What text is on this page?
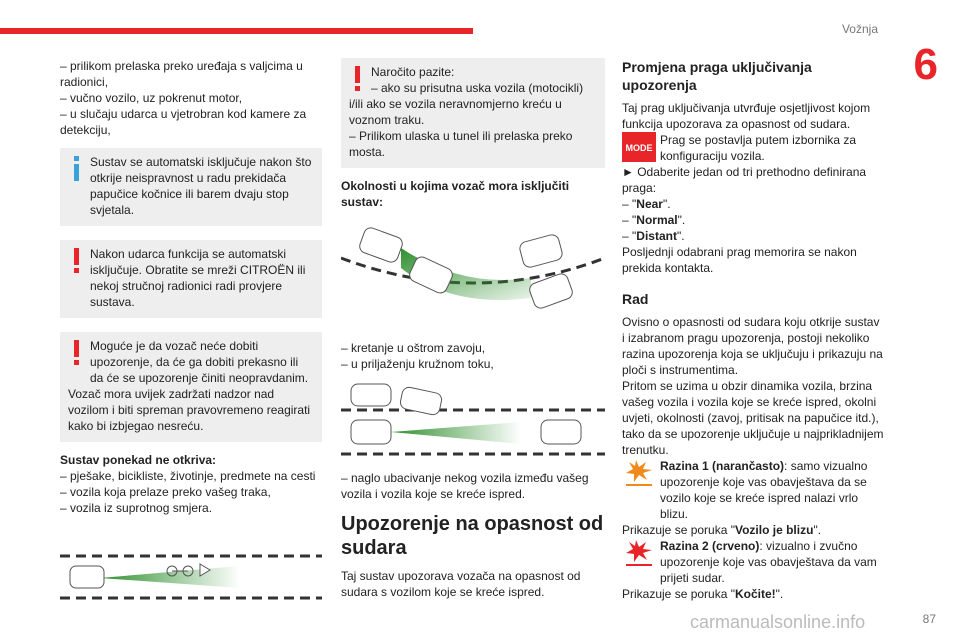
Vožnja
6

– prilikom prelaska preko uređaja s valjcima u radionici,

– vučno vozilo, uz pokrenut motor,

– u slučaju udarca u vjetrobran kod kamere za detekciju,

Sustav se automatski isključuje nakon što otkrije neispravnost u radu prekidača papučice kočnice ili barem dvaju stop svjetala.

Nakon udarca funkcija se automatski isključuje. Obratite se mreži CITROËN ili nekoj stručnoj radionici radi provjere sustava.

Moguće je da vozač neće dobiti upozorenje, da će ga dobiti prekasno ili da će se upozorenje činiti neopravdanim.

Vozač mora uvijek zadržati nadzor nad vozilom i biti spreman pravovremeno reagirati kako bi izbjegao nesreću.

Sustav ponekad ne otkriva:

– pješake, bicikliste, životinje, predmete na cesti

– vozila koja prelaze preko vašeg traka,

– vozila iz suprotnog smjera.

Naročito pazite:

– ako su prisutna uska vozila (motocikli) i/ili ako se vozila neravnomjerno kreću u voznom traku.

– Prilikom ulaska u tunel ili prelaska preko mosta.

Okolnosti u kojima vozač mora isključiti sustav:

– kretanje u oštrom zavoju,

– u priljaženju kružnom toku,

– naglo ubacivanje nekog vozila između vašeg vozila i vozila koje se kreće ispred.

Upozorenje na opasnost od sudara

Taj sustav upozorava vozača na opasnost od sudara s vozilom koje se kreće ispred.

Promjena praga uključivanja upozorenja

Taj prag uključivanja utvrđuje osjetljivost kojom funkcija upozorava za opasnost od sudara.

MODE
Prag se postavlja putem izbornika za konfiguraciju vozila.

► Odaberite jedan od tri prethodno definirana praga:

– "Near".

– "Normal".

– "Distant".

Posljednji odabrani prag memorira se nakon prekida kontakta.

Rad

Ovisno o opasnosti od sudara koju otkrije sustav i izabranom pragu upozorenja, postoji nekoliko razina upozorenja koja se uključuju i prikazuju na ploči s instrumentima.

Pritom se uzima u obzir dinamika vozila, brzina vašeg vozila i vozila koje se kreće ispred, okolni uvjeti, okolnosti (zavoj, pritisak na papučice itd.), tako da se upozorenje uključuje u najprikladnijem trenutku.

Razina 1 (narančasto): samo vizualno upozorenje koje vas obavještava da se vozilo koje se kreće ispred nalazi vrlo blizu.

Prikazuje se poruka "Vozilo je blizu".

Razina 2 (crveno): vizualno i zvučno upozorenje koje vas obavještava da vam prijeti sudar.

Prikazuje se poruka "Kočite!".

carmanualsonline.info	87
